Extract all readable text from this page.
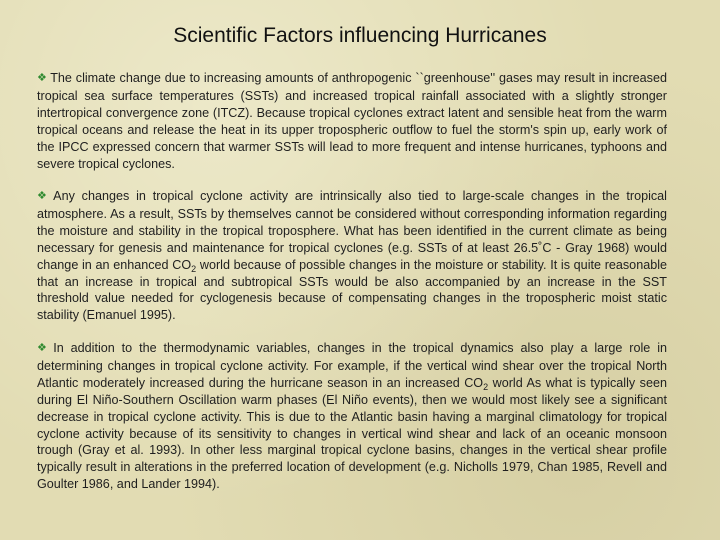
Scientific Factors influencing Hurricanes
❖ The climate change due to increasing amounts of anthropogenic ``greenhouse'' gases may result in increased tropical sea surface temperatures (SSTs) and increased tropical rainfall associated with a slightly stronger intertropical convergence zone (ITCZ). Because tropical cyclones extract latent and sensible heat from the warm tropical oceans and release the heat in its upper tropospheric outflow to fuel the storm's spin up, early work of the IPCC expressed concern that warmer SSTs will lead to more frequent and intense hurricanes, typhoons and severe tropical cyclones.
❖ Any changes in tropical cyclone activity are intrinsically also tied to large-scale changes in the tropical atmosphere. As a result, SSTs by themselves cannot be considered without corresponding information regarding the moisture and stability in the tropical troposphere. What has been identified in the current climate as being necessary for genesis and maintenance for tropical cyclones (e.g. SSTs of at least 26.5˚C - Gray 1968) would change in an enhanced $CO_2$ world because of possible changes in the moisture or stability. It is quite reasonable that an increase in tropical and subtropical SSTs would be also accompanied by an increase in the SST threshold value needed for cyclogenesis because of compensating changes in the tropospheric moist static stability (Emanuel 1995).
❖ In addition to the thermodynamic variables, changes in the tropical dynamics also play a large role in determining changes in tropical cyclone activity. For example, if the vertical wind shear over the tropical North Atlantic moderately increased during the hurricane season in an increased $CO_2$ world As what is typically seen during El Niño-Southern Oscillation warm phases (El Niño events), then we would most likely see a significant decrease in tropical cyclone activity. This is due to the Atlantic basin having a marginal climatology for tropical cyclone activity because of its sensitivity to changes in vertical wind shear and lack of an oceanic monsoon trough (Gray et al. 1993). In other less marginal tropical cyclone basins, changes in the vertical shear profile typically result in alterations in the preferred location of development (e.g. Nicholls 1979, Chan 1985, Revell and Goulter 1986, and Lander 1994).
